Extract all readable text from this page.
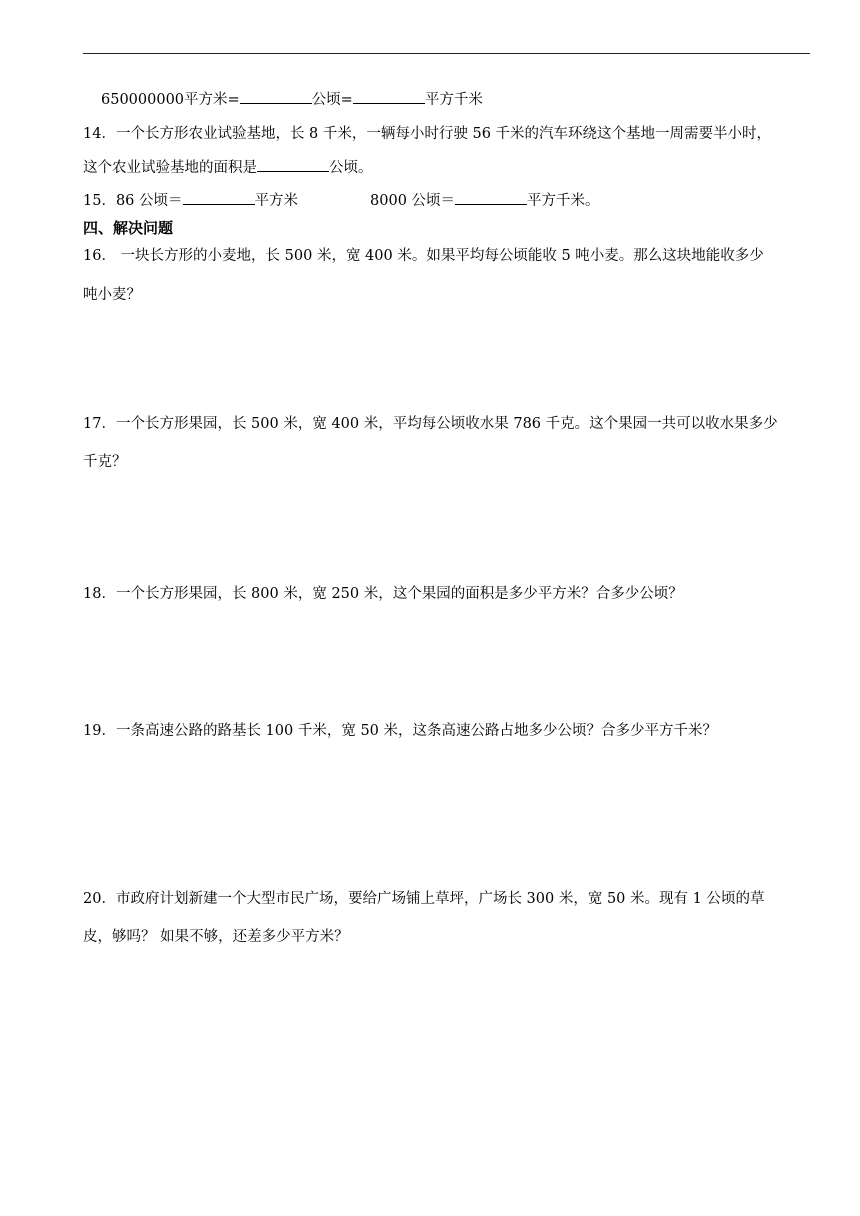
650000000平方米=	公顷=	平方千米
14．一个长方形农业试验基地，长 8 千米，一辆每小时行驶 56 千米的汽车环绕这个基地一周需要半小时，
这个农业试验基地的面积是	公顷。
15．86 公顷＝	平方米	8000 公顷＝	平方千米。
四、解决问题
16． 一块长方形的小麦地，长 500 米，宽 400 米。如果平均每公顷能收 5 吨小麦。那么这块地能收多少
吨小麦？
17．一个长方形果园，长 500 米，宽 400 米，平均每公顷收水果 786 千克。这个果园一共可以收水果多少
千克？
18．一个长方形果园，长 800 米，宽 250 米，这个果园的面积是多少平方米？合多少公顷？
19．一条高速公路的路基长 100 千米，宽 50 米，这条高速公路占地多少公顷？合多少平方千米？
20．市政府计划新建一个大型市民广场，要给广场铺上草坪，广场长 300 米，宽 50 米。现有 1 公顷的草
皮，够吗？ 如果不够，还差多少平方米？
